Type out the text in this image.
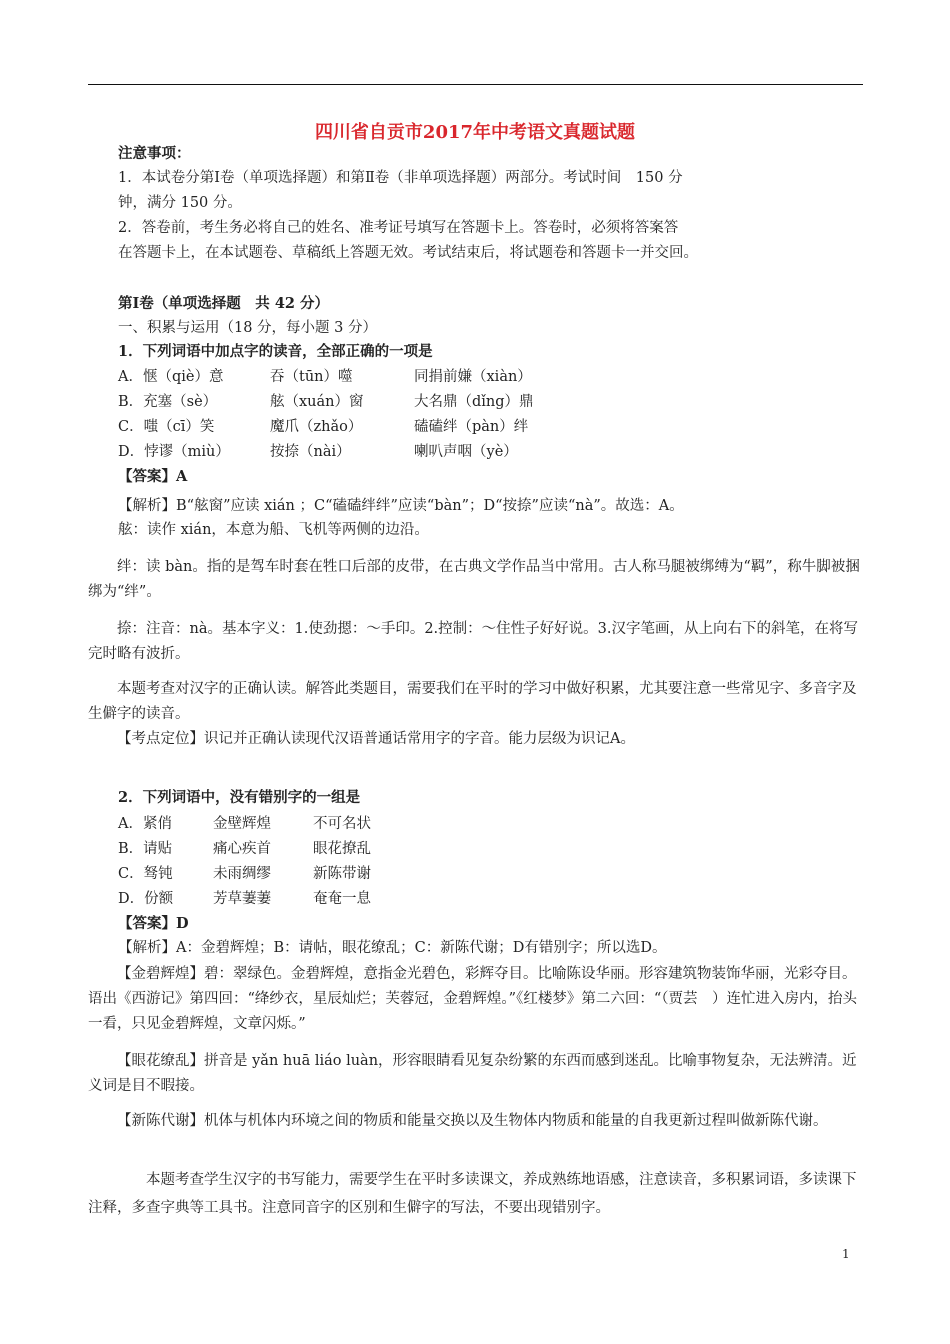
四川省自贡市2017年中考语文真题试题
注意事项：
1．本试卷分第Ⅰ卷（单项选择题）和第Ⅱ卷（非单项选择题）两部分。考试时间　150 分
钟，满分 150 分。
2．答卷前，考生务必将自己的姓名、准考证号填写在答题卡上。答卷时，必须将答案答
在答题卡上，在本试题卷、草稿纸上答题无效。考试结束后，将试题卷和答题卡一并交回。
第Ⅰ卷（单项选择题　共 42 分）
一、积累与运用（18 分，每小题 3 分）
1．下列词语中加点字的读音，全部正确的一项是
A．惬（qiè）意	吞（tūn）噬	同捐前嫌（xiàn）
B．充塞（sè）	舷（xuán）窗	大名鼎（dǐng）鼎
C．嗤（cī）笑	魔爪（zhǎo）	磕磕绊（pàn）绊
D．悖谬（miù）	按捺（nài）	喇叭声咽（yè）
【答案】A
【解析】B“舷窗”应读 xián ；C“磕磕绊绊”应读“bàn”；D“按捺”应读“nà”。故选：A。
舷：读作 xián，本意为船、飞机等两侧的边沿。
绊：读 bàn。指的是驾车时套在牲口后部的皮带，在古典文学作品当中常用。古人称马腿被绑缚为“羁”，称牛脚被捆绑为“绊”。
捺：注音：nà。基本字义：1.使劲摁：～手印。2.控制：～住性子好好说。3.汉字笔画，从上向右下的斜笔，在将写完时略有波折。
本题考查对汉字的正确认读。解答此类题目，需要我们在平时的学习中做好积累，尤其要注意一些常见字、多音字及生僻字的读音。
【考点定位】识记并正确认读现代汉语普通话常用字的字音。能力层级为识记A。
2．下列词语中，没有错别字的一组是
A．紧俏	金壁辉煌	不可名状
B．请贴	痛心疾首	眼花撩乱
C．驽钝	未雨绸缪	新陈带谢
D．份额	芳草萋萋	奄奄一息
【答案】D
【解析】A：金碧辉煌；B：请帖，眼花缭乱；C：新陈代谢；D有错别字；所以选D。
【金碧辉煌】碧：翠绿色。金碧辉煌，意指金光碧色，彩辉夺目。比喻陈设华丽。形容建筑物装饰华丽，光彩夺目。语出《西游记》第四回：“绛纱衣，星辰灿烂；芙蓉冠，金碧辉煌。”《红楼梦》第二六回：“（贾芸　）连忙进入房内，抬头一看，只见金碧辉煌，文章闪烁。”
【眼花缭乱】拼音是 yǎn huā liáo luàn，形容眼睛看见复杂纷繁的东西而感到迷乱。比喻事物复杂，无法辨清。近义词是目不暇接。
【新陈代谢】机体与机体内环境之间的物质和能量交换以及生物体内物质和能量的自我更新过程叫做新陈代谢。
本题考查学生汉字的书写能力，需要学生在平时多读课文，养成熟练地语感，注意读音，多积累词语，多读课下注释，多查字典等工具书。注意同音字的区别和生僻字的写法，不要出现错别字。
1
